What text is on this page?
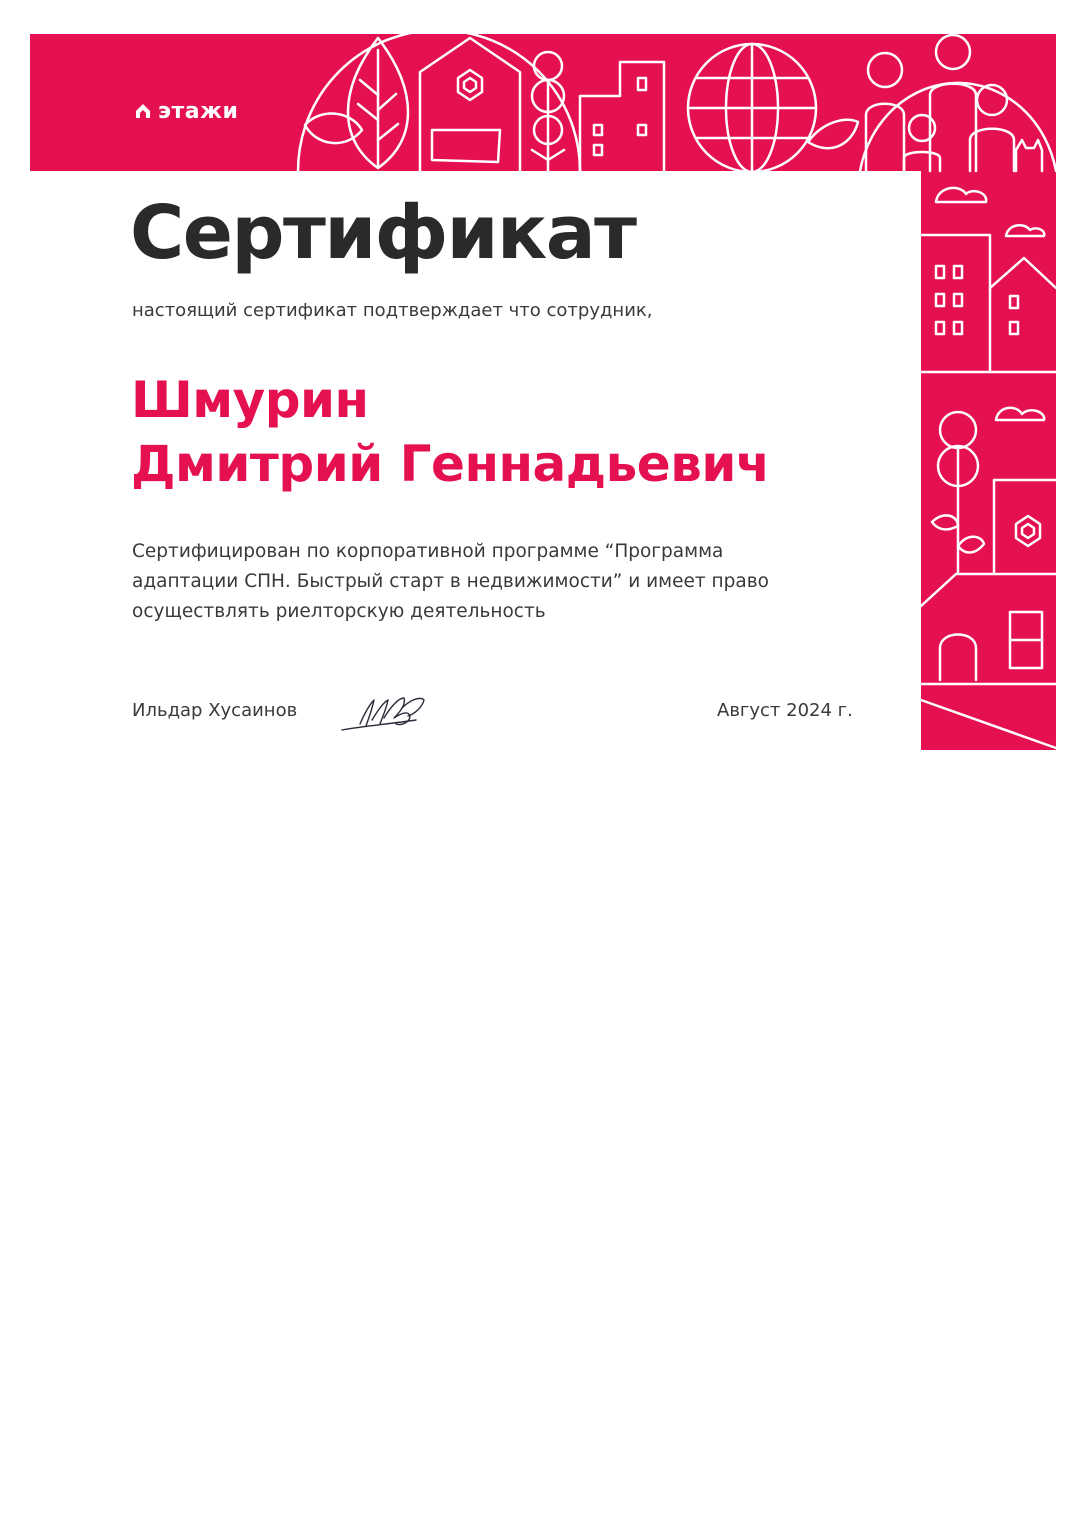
этажи
Сертификат
настоящий сертификат подтверждает что сотрудник,
Шмурин
Дмитрий Геннадьевич
Сертифицирован по корпоративной программе “Программа
адаптации СПН. Быстрый старт в недвижимости” и имеет право
осуществлять риелторскую деятельность
Ильдар Хусаинов	Август 2024 г.
